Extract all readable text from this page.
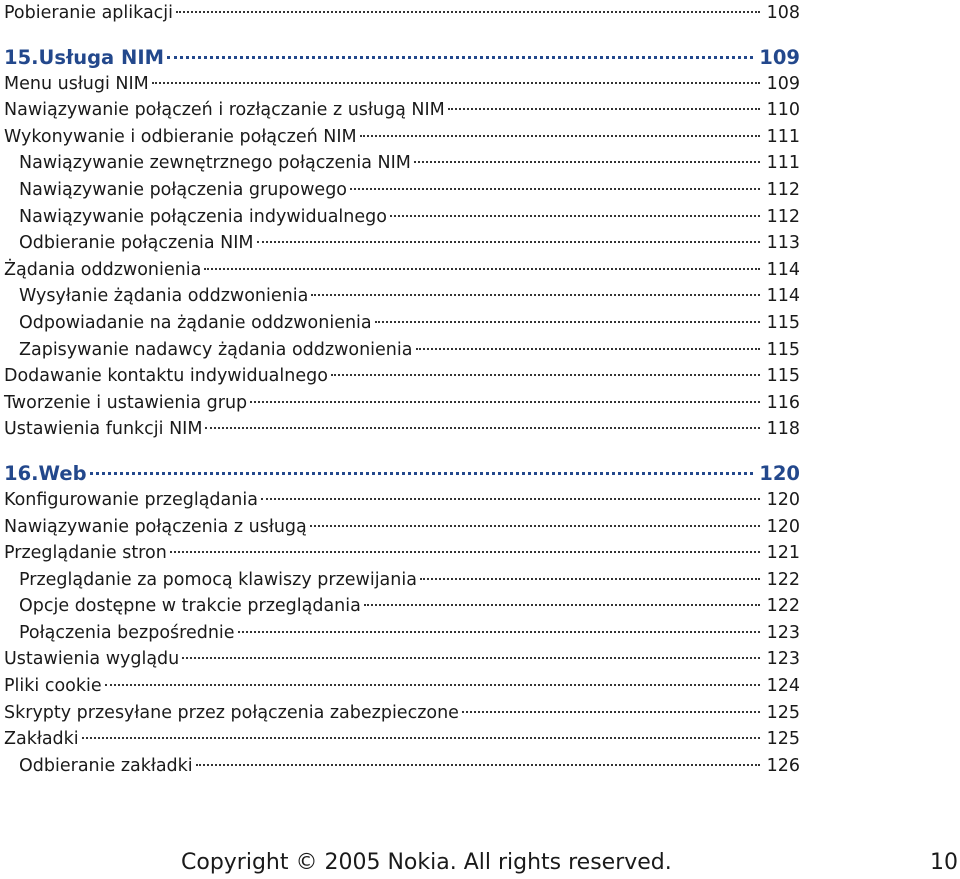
Pobieranie aplikacji	108
15.Usługa NIM	109
Menu usługi NIM	109
Nawiązywanie połączeń i rozłączanie z usługą NIM	110
Wykonywanie i odbieranie połączeń NIM	111
Nawiązywanie zewnętrznego połączenia NIM	111
Nawiązywanie połączenia grupowego	112
Nawiązywanie połączenia indywidualnego	112
Odbieranie połączenia NIM	113
Żądania oddzwonienia	114
Wysyłanie żądania oddzwonienia	114
Odpowiadanie na żądanie oddzwonienia	115
Zapisywanie nadawcy żądania oddzwonienia	115
Dodawanie kontaktu indywidualnego	115
Tworzenie i ustawienia grup	116
Ustawienia funkcji NIM	118
16.Web	120
Konfigurowanie przeglądania	120
Nawiązywanie połączenia z usługą	120
Przeglądanie stron	121
Przeglądanie za pomocą klawiszy przewijania	122
Opcje dostępne w trakcie przeglądania	122
Połączenia bezpośrednie	123
Ustawienia wyglądu	123
Pliki cookie	124
Skrypty przesyłane przez połączenia zabezpieczone	125
Zakładki	125
Odbieranie zakładki	126
Copyright © 2005 Nokia. All rights reserved.	10
